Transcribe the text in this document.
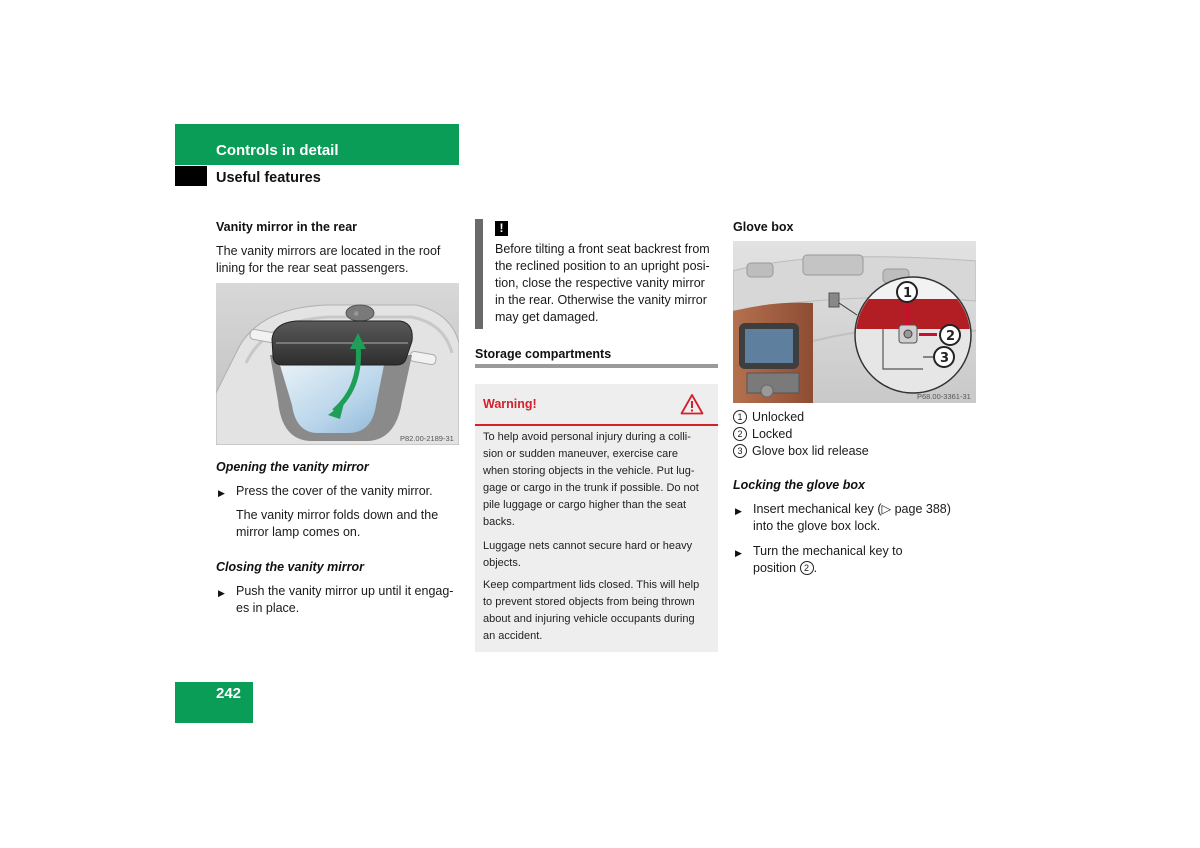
Controls in detail
Useful features
Vanity mirror in the rear
The vanity mirrors are located in the roof
lining for the rear seat passengers.
☼
P82.00-2189-31
Opening the vanity mirror
▶ Press the cover of the vanity mirror.
The vanity mirror folds down and the
mirror lamp comes on.
Closing the vanity mirror
▶ Push the vanity mirror up until it engag-
es in place.
!
Before tilting a front seat backrest from
the reclined position to an upright posi-
tion, close the respective vanity mirror
in the rear. Otherwise the vanity mirror
may get damaged.
Storage compartments
Warning!
To help avoid personal injury during a colli-
sion or sudden maneuver, exercise care
when storing objects in the vehicle. Put lug-
gage or cargo in the trunk if possible. Do not
pile luggage or cargo higher than the seat
backs.
Luggage nets cannot secure hard or heavy
objects.
Keep compartment lids closed. This will help
to prevent stored objects from being thrown
about and injuring vehicle occupants during
an accident.
Glove box
1
2
3
P68.00-3361-31
1 Unlocked
2 Locked
3 Glove box lid release
Locking the glove box
▶ Insert mechanical key (▷ page 388)
into the glove box lock.
▶ Turn the mechanical key to
position 2 .
242
